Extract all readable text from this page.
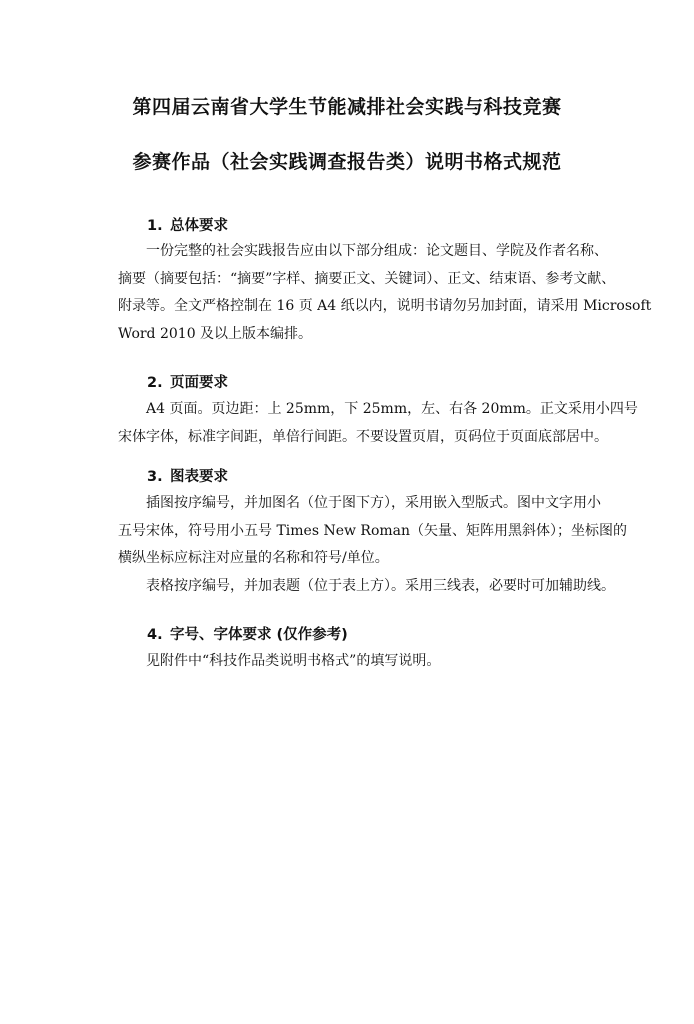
第四届云南省大学生节能减排社会实践与科技竞赛
参赛作品（社会实践调查报告类）说明书格式规范
1. 总体要求
一份完整的社会实践报告应由以下部分组成：论文题目、学院及作者名称、
摘要（摘要包括：“摘要”字样、摘要正文、关键词）、正文、结束语、参考文献、
附录等。全文严格控制在 16 页 A4 纸以内，说明书请勿另加封面，请采用 Microsoft
Word 2010 及以上版本编排。
2. 页面要求
A4 页面。页边距：上 25mm，下 25mm，左、右各 20mm。正文采用小四号
宋体字体，标准字间距，单倍行间距。不要设置页眉，页码位于页面底部居中。
3. 图表要求
插图按序编号，并加图名（位于图下方），采用嵌入型版式。图中文字用小
五号宋体，符号用小五号 Times New Roman（矢量、矩阵用黑斜体）；坐标图的
横纵坐标应标注对应量的名称和符号/单位。
表格按序编号，并加表题（位于表上方）。采用三线表，必要时可加辅助线。
4. 字号、字体要求 (仅作参考)
见附件中“科技作品类说明书格式”的填写说明。
